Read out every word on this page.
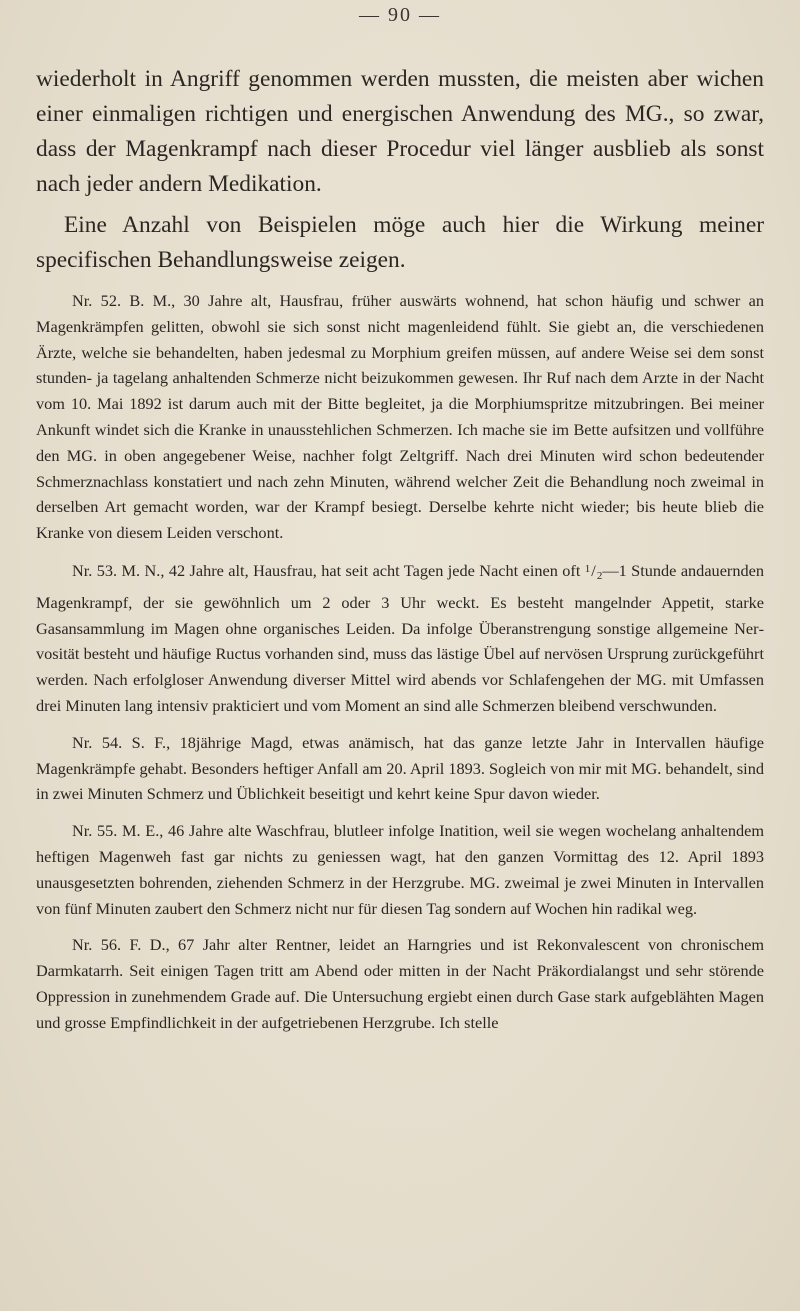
— 90 —

wiederholt in Angriff genommen werden mussten, die meisten aber wichen einer einmaligen richtigen und energischen Anwendung des MG., so zwar, dass der Magenkrampf nach dieser Procedur viel länger ausblieb als sonst nach jeder andern Medikation.

Eine Anzahl von Beispielen möge auch hier die Wirkung meiner specifischen Behandlungsweise zeigen.

Nr. 52. B. M., 30 Jahre alt, Hausfrau, früher auswärts wohnend, hat schon häufig und schwer an Magenkrämpfen gelitten, obwohl sie sich sonst nicht magenleidend fühlt. Sie giebt an, die verschiedenen Ärzte, welche sie behandelten, haben jedesmal zu Morphium greifen müssen, auf andere Weise sei dem sonst stunden- ja tagelang anhaltenden Schmerze nicht beizukommen gewesen. Ihr Ruf nach dem Arzte in der Nacht vom 10. Mai 1892 ist darum auch mit der Bitte begleitet, ja die Morphiumspritze mitzubringen. Bei meiner Ankunft windet sich die Kranke in unausstehlichen Schmerzen. Ich mache sie im Bette aufsitzen und vollführe den MG. in oben angegebener Weise, nachher folgt Zeltgriff. Nach drei Minuten wird schon bedeutender Schmerznachlass konstatiert und nach zehn Minuten, während welcher Zeit die Behandlung noch zweimal in derselben Art gemacht worden, war der Krampf besiegt. Derselbe kehrte nicht wieder; bis heute blieb die Kranke von diesem Leiden verschont.

Nr. 53. M. N., 42 Jahre alt, Hausfrau, hat seit acht Tagen jede Nacht einen oft $^1$/2—1 Stunde andauernden Magenkrampf, der sie gewöhnlich um 2 oder 3 Uhr weckt. Es besteht mangelnder Appetit, starke Gasansammlung im Magen ohne organisches Leiden. Da infolge Überanstrengung sonstige allgemeine Nervosität besteht und häufige Ructus vorhanden sind, muss das lästige Übel auf nervösen Ursprung zurückgeführt werden. Nach erfolgloser Anwendung diverser Mittel wird abends vor Schlafengehen der MG. mit Umfassen drei Minuten lang intensiv prakticiert und vom Moment an sind alle Schmerzen bleibend verschwunden.

Nr. 54. S. F., 18jährige Magd, etwas anämisch, hat das ganze letzte Jahr in Intervallen häufige Magenkrämpfe gehabt. Besonders heftiger Anfall am 20. April 1893. Sogleich von mir mit MG. behandelt, sind in zwei Minuten Schmerz und Üblichkeit beseitigt und kehrt keine Spur davon wieder.

Nr. 55. M. E., 46 Jahre alte Waschfrau, blutleer infolge Inatition, weil sie wegen wochelang anhaltendem heftigen Magenweh fast gar nichts zu geniessen wagt, hat den ganzen Vormittag des 12. April 1893 unausgesetzten bohrenden, ziehenden Schmerz in der Herzgrube. MG. zweimal je zwei Minuten in Intervallen von fünf Minuten zaubert den Schmerz nicht nur für diesen Tag sondern auf Wochen hin radikal weg.

Nr. 56. F. D., 67 Jahr alter Rentner, leidet an Harngries und ist Rekonvalescent von chronischem Darmkatarrh. Seit einigen Tagen tritt am Abend oder mitten in der Nacht Präkordialangst und sehr störende Oppression in zunehmendem Grade auf. Die Untersuchung ergiebt einen durch Gase stark aufgeblähten Magen und grosse Empfindlichkeit in der aufgetriebenen Herzgrube. Ich stelle
